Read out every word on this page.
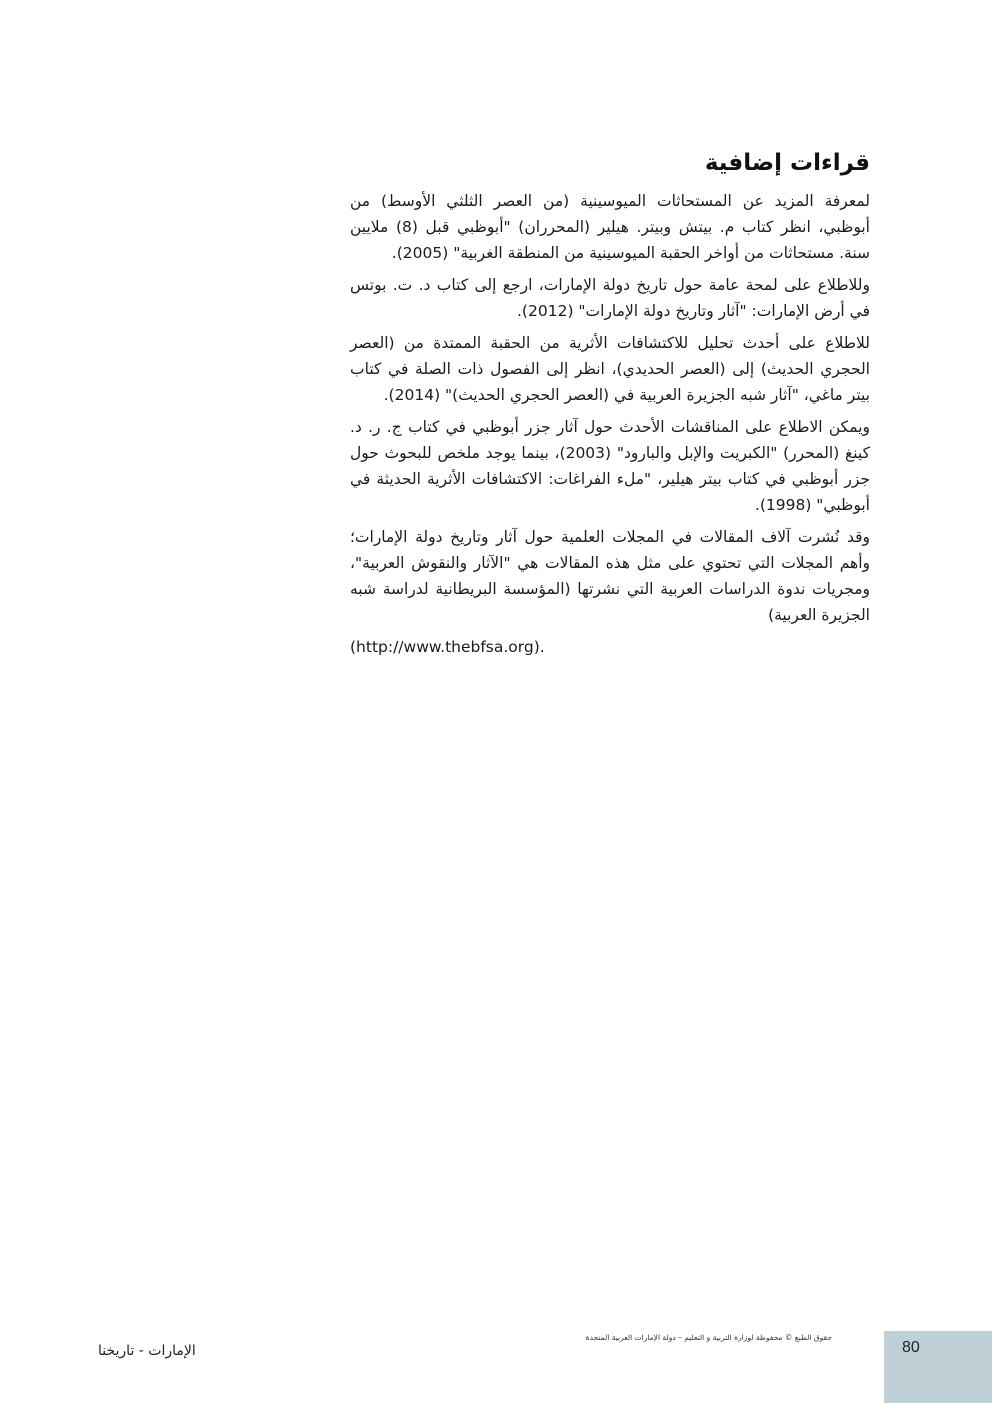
قراءات إضافية

لمعرفة المزيد عن المستحاثات الميوسينية (من العصر الثلثي الأوسط) من أبوظبي، انظر كتاب م. بيتش وبيتر. هيلير (المحرران) "أبوظبي قبل (8) ملايين سنة. مستحاثات من أواخر الحقبة الميوسينية من المنطقة الغربية" (2005).

وللاطلاع على لمحة عامة حول تاريخ دولة الإمارات، ارجع إلى كتاب د. ت. بوتس في أرض الإمارات: "آثار وتاريخ دولة الإمارات" (2012).

للاطلاع على أحدث تحليل للاكتشافات الأثرية من الحقبة الممتدة من (العصر الحجري الحديث) إلى (العصر الحديدي)، انظر إلى الفصول ذات الصلة في كتاب بيتر ماغي، "آثار شبه الجزيرة العربية في (العصر الحجري الحديث)" (2014).

ويمكن الاطلاع على المناقشات الأحدث حول آثار جزر أبوظبي في كتاب ج. ر. د. كينغ (المحرر) "الكبريت والإبل والبارود" (2003)، بينما يوجد ملخص للبحوث حول جزر أبوظبي في كتاب بيتر هيلير، "ملء الفراغات: الاكتشافات الأثرية الحديثة في أبوظبي" (1998).

وقد نُشرت آلاف المقالات في المجلات العلمية حول آثار وتاريخ دولة الإمارات؛ وأهم المجلات التي تحتوي على مثل هذه المقالات هي "الآثار والنقوش العربية"، ومجريات ندوة الدراسات العربية التي نشرتها (المؤسسة البريطانية لدراسة شبه الجزيرة العربية)

(http://www.thebfsa.org).
الإمارات - تاريخنا
حقوق الطبع © محفوظة لوزارة التربية و التعليم – دولة الإمارات العربية المتحدة
80
